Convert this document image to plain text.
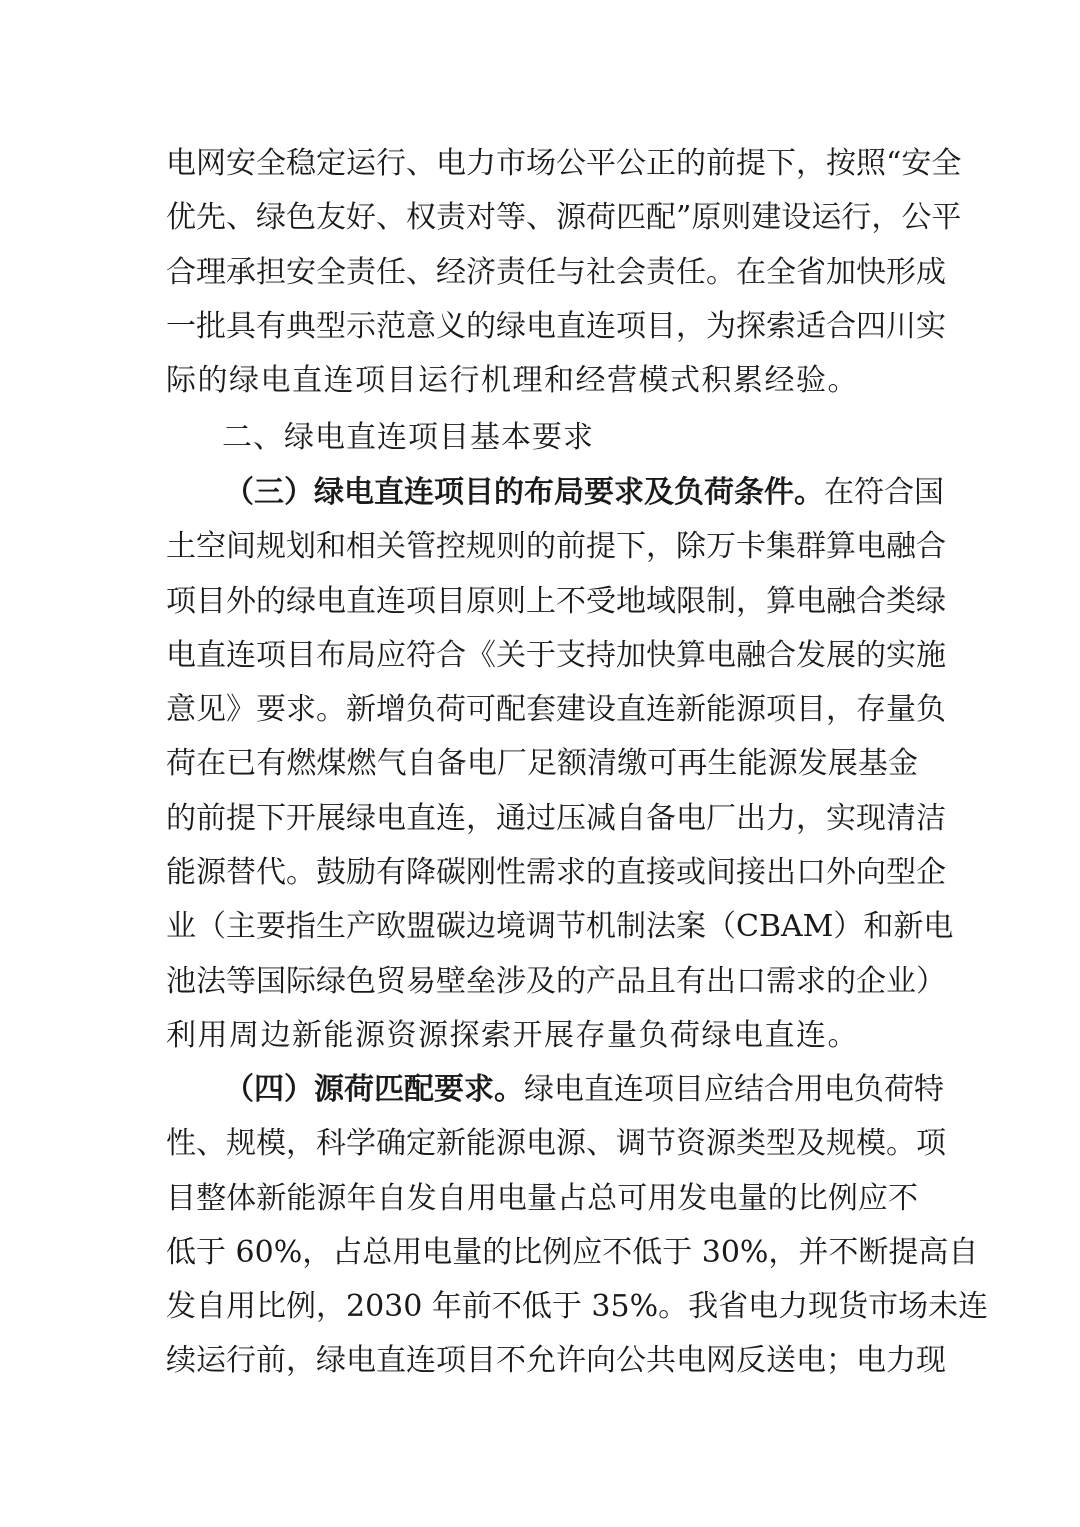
电网安全稳定运行、电力市场公平公正的前提下，按照“安全
优先、绿色友好、权责对等、源荷匹配”原则建设运行，公平
合理承担安全责任、经济责任与社会责任。在全省加快形成
一批具有典型示范意义的绿电直连项目，为探索适合四川实
际的绿电直连项目运行机理和经营模式积累经验。
二、绿电直连项目基本要求
（三）绿电直连项目的布局要求及负荷条件。在符合国
土空间规划和相关管控规则的前提下，除万卡集群算电融合
项目外的绿电直连项目原则上不受地域限制，算电融合类绿
电直连项目布局应符合《关于支持加快算电融合发展的实施
意见》要求。新增负荷可配套建设直连新能源项目，存量负
荷在已有燃煤燃气自备电厂足额清缴可再生能源发展基金
的前提下开展绿电直连，通过压减自备电厂出力，实现清洁
能源替代。鼓励有降碳刚性需求的直接或间接出口外向型企
业（主要指生产欧盟碳边境调节机制法案（CBAM）和新电
池法等国际绿色贸易壁垒涉及的产品且有出口需求的企业）
利用周边新能源资源探索开展存量负荷绿电直连。
（四）源荷匹配要求。绿电直连项目应结合用电负荷特
性、规模，科学确定新能源电源、调节资源类型及规模。项
目整体新能源年自发自用电量占总可用发电量的比例应不
低于 60%，占总用电量的比例应不低于 30%，并不断提高自
发自用比例，2030 年前不低于 35%。我省电力现货市场未连
续运行前，绿电直连项目不允许向公共电网反送电；电力现
